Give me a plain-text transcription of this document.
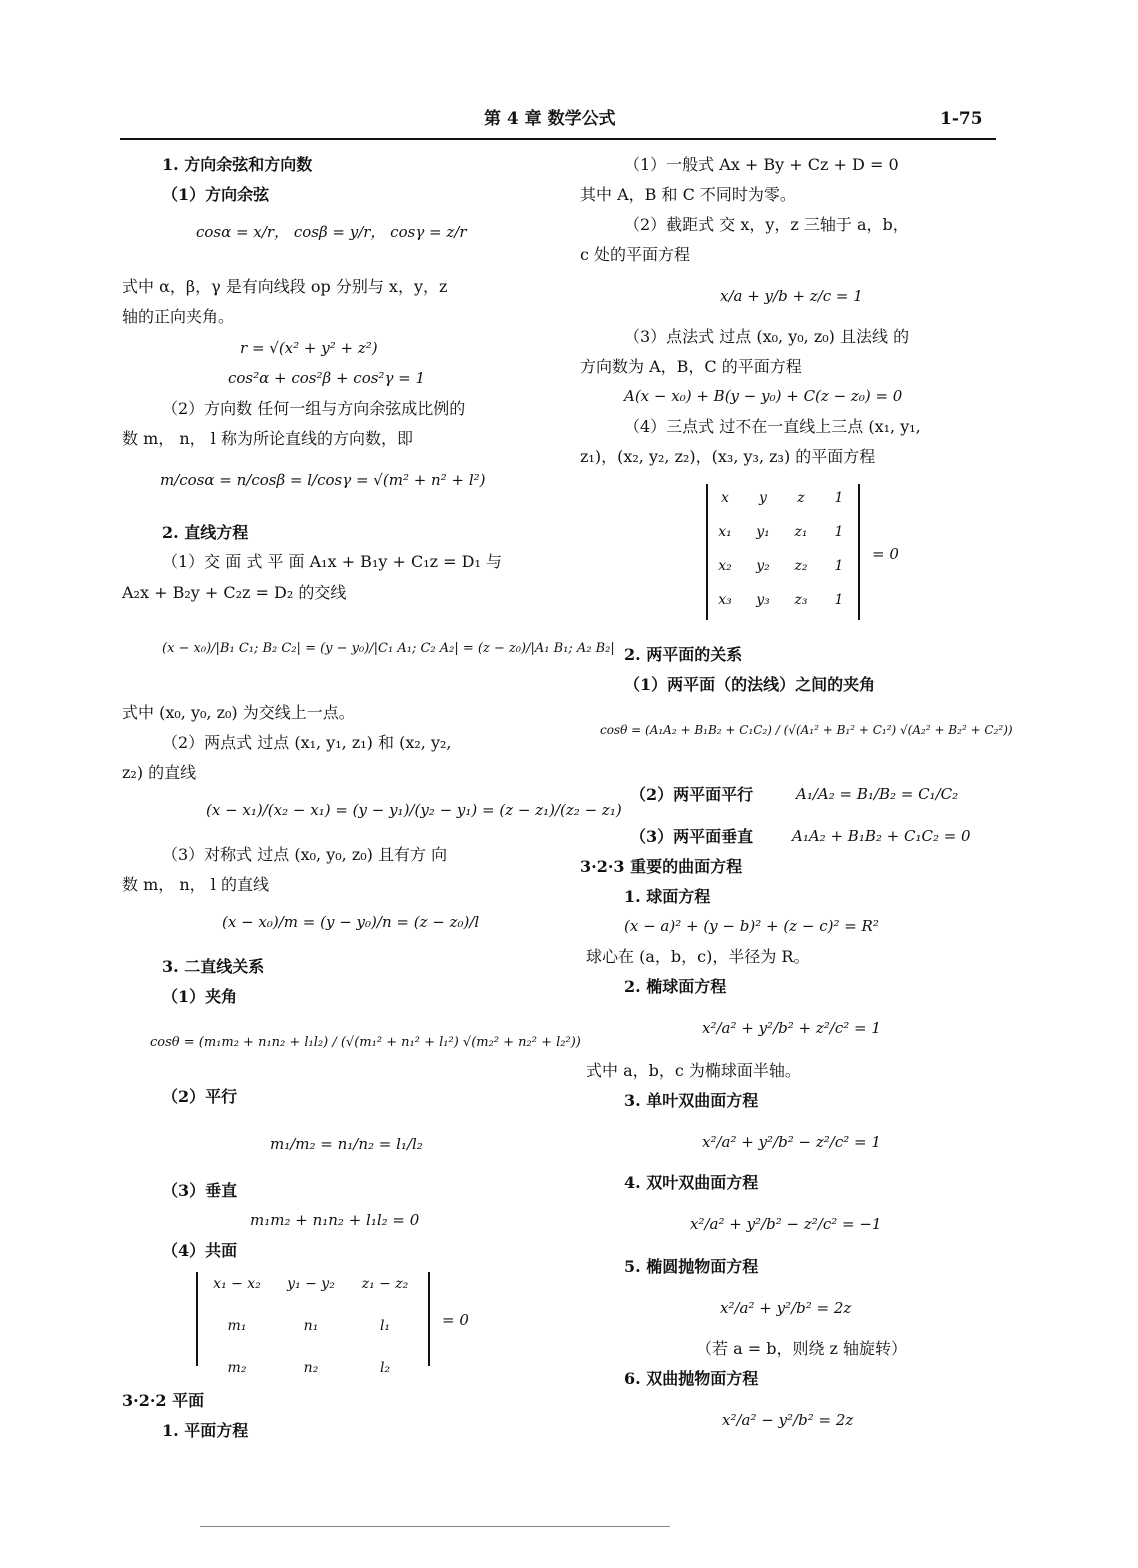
第 4 章 数学公式	1-75
1. 方向余弦和方向数
（1）方向余弦
cosα = x/r， cosβ = y/r， cosγ = z/r
式中 α，β，γ 是有向线段 op 分别与 x，y，z
轴的正向夹角。
r = √(x² + y² + z²)
cos²α + cos²β + cos²γ = 1
（2）方向数 任何一组与方向余弦成比例的
数 m， n， l 称为所论直线的方向数，即
m/cosα = n/cosβ = l/cosγ = √(m² + n² + l²)
2. 直线方程
（1）交 面 式 平 面 A₁x + B₁y + C₁z = D₁ 与
A₂x + B₂y + C₂z = D₂ 的交线
(x − x₀)/|B₁ C₁; B₂ C₂| = (y − y₀)/|C₁ A₁; C₂ A₂| = (z − z₀)/|A₁ B₁; A₂ B₂|
式中 (x₀, y₀, z₀) 为交线上一点。
（2）两点式 过点 (x₁, y₁, z₁) 和 (x₂, y₂,
z₂) 的直线
(x − x₁)/(x₂ − x₁) = (y − y₁)/(y₂ − y₁) = (z − z₁)/(z₂ − z₁)
（3）对称式 过点 (x₀, y₀, z₀) 且有方 向
数 m， n， l 的直线
(x − x₀)/m = (y − y₀)/n = (z − z₀)/l
3. 二直线关系
（1）夹角
cosθ = (m₁m₂ + n₁n₂ + l₁l₂) / (√(m₁² + n₁² + l₁²) √(m₂² + n₂² + l₂²))
（2）平行
m₁/m₂ = n₁/n₂ = l₁/l₂
（3）垂直
m₁m₂ + n₁n₂ + l₁l₂ = 0
（4）共面
x₁ − x₂	y₁ − y₂	z₁ − z₂
m₁	n₁	l₁
m₂	n₂	l₂
= 0
3·2·2 平面
1. 平面方程
（1）一般式 Ax + By + Cz + D = 0
其中 A，B 和 C 不同时为零。
（2）截距式 交 x，y，z 三轴于 a，b，
c 处的平面方程
x/a + y/b + z/c = 1
（3）点法式 过点 (x₀, y₀, z₀) 且法线 的
方向数为 A，B，C 的平面方程
A(x − x₀) + B(y − y₀) + C(z − z₀) = 0
（4）三点式 过不在一直线上三点 (x₁, y₁,
z₁)，(x₂, y₂, z₂)，(x₃, y₃, z₃) 的平面方程
x	y	z	1
x₁	y₁	z₁	1
x₂	y₂	z₂	1
x₃	y₃	z₃	1
= 0
2. 两平面的关系
（1）两平面（的法线）之间的夹角
cosθ = (A₁A₂ + B₁B₂ + C₁C₂) / (√(A₁² + B₁² + C₁²) √(A₂² + B₂² + C₂²))
（2）两平面平行	A₁/A₂ = B₁/B₂ = C₁/C₂
（3）两平面垂直	A₁A₂ + B₁B₂ + C₁C₂ = 0
3·2·3 重要的曲面方程
1. 球面方程
(x − a)² + (y − b)² + (z − c)² = R²
球心在 (a，b，c)，半径为 R。
2. 椭球面方程
x²/a² + y²/b² + z²/c² = 1
式中 a，b，c 为椭球面半轴。
3. 单叶双曲面方程
x²/a² + y²/b² − z²/c² = 1
4. 双叶双曲面方程
x²/a² + y²/b² − z²/c² = −1
5. 椭圆抛物面方程
x²/a² + y²/b² = 2z
（若 a = b，则绕 z 轴旋转）
6. 双曲抛物面方程
x²/a² − y²/b² = 2z
